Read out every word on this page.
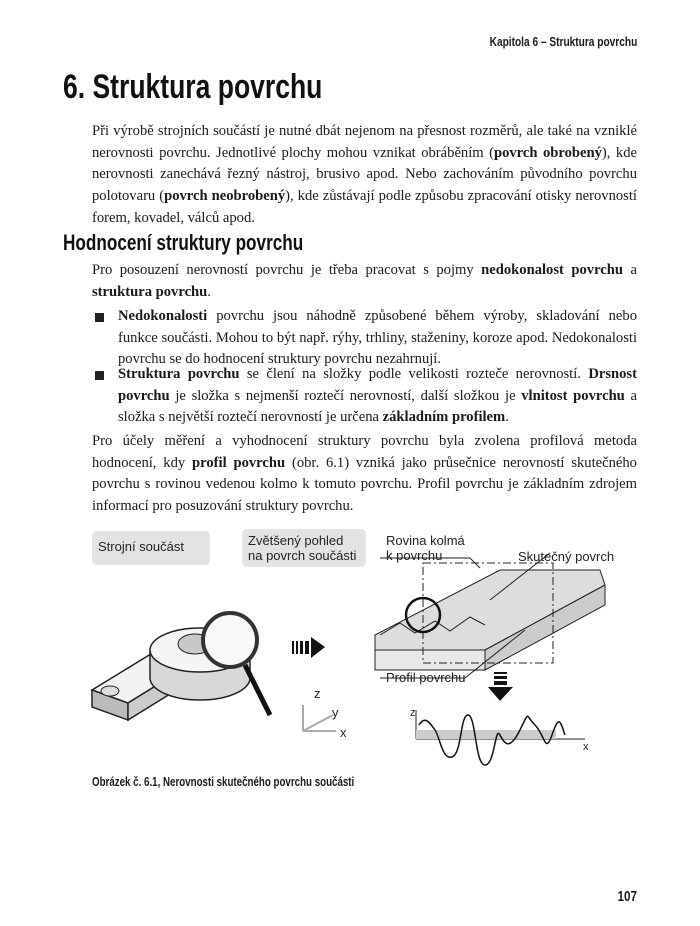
Kapitola 6 – Struktura povrchu
6. Struktura povrchu
Při výrobě strojních součástí je nutné dbát nejenom na přesnost rozměrů, ale také na vzniklé nerovnosti povrchu. Jednotlivé plochy mohou vznikat obráběním (povrch obrobený), kde nerovnosti zanechává řezný nástroj, brusivo apod. Nebo zachováním původního povrchu polotovaru (povrch neobrobený), kde zůstávají podle způsobu zpracování otisky nerovností forem, kovadel, válců apod.
Hodnocení struktury povrchu
Pro posouzení nerovností povrchu je třeba pracovat s pojmy nedokonalost povrchu a struktura povrchu.
Nedokonalosti povrchu jsou náhodně způsobené během výroby, skladování nebo funkce součásti. Mohou to být např. rýhy, trhliny, staženiny, koroze apod. Nedokonalosti povrchu se do hodnocení struktury povrchu nezahrnují.
Struktura povrchu se člení na složky podle velikosti rozteče nerovností. Drsnost povrchu je složka s nejmenší roztečí nerovností, další složkou je vlnitost povrchu a složka s největší roztečí nerovností je určena základním profilem.
Pro účely měření a vyhodnocení struktury povrchu byla zvolena profilová metoda hodnocení, kdy profil povrchu (obr. 6.1) vzniká jako průsečnice nerovností skutečného povrchu s rovinou vedenou kolmo k tomuto povrchu. Profil povrchu je základním zdrojem informací pro posuzování struktury povrchu.
Strojní součást	Zvětšený pohled
na povrch součásti
Rovina kolmá
k povrchu	Skutečný povrch
Profil povrchu
z
y
x
z
x
Obrázek č. 6.1, Nerovnosti skutečného povrchu součásti
107
